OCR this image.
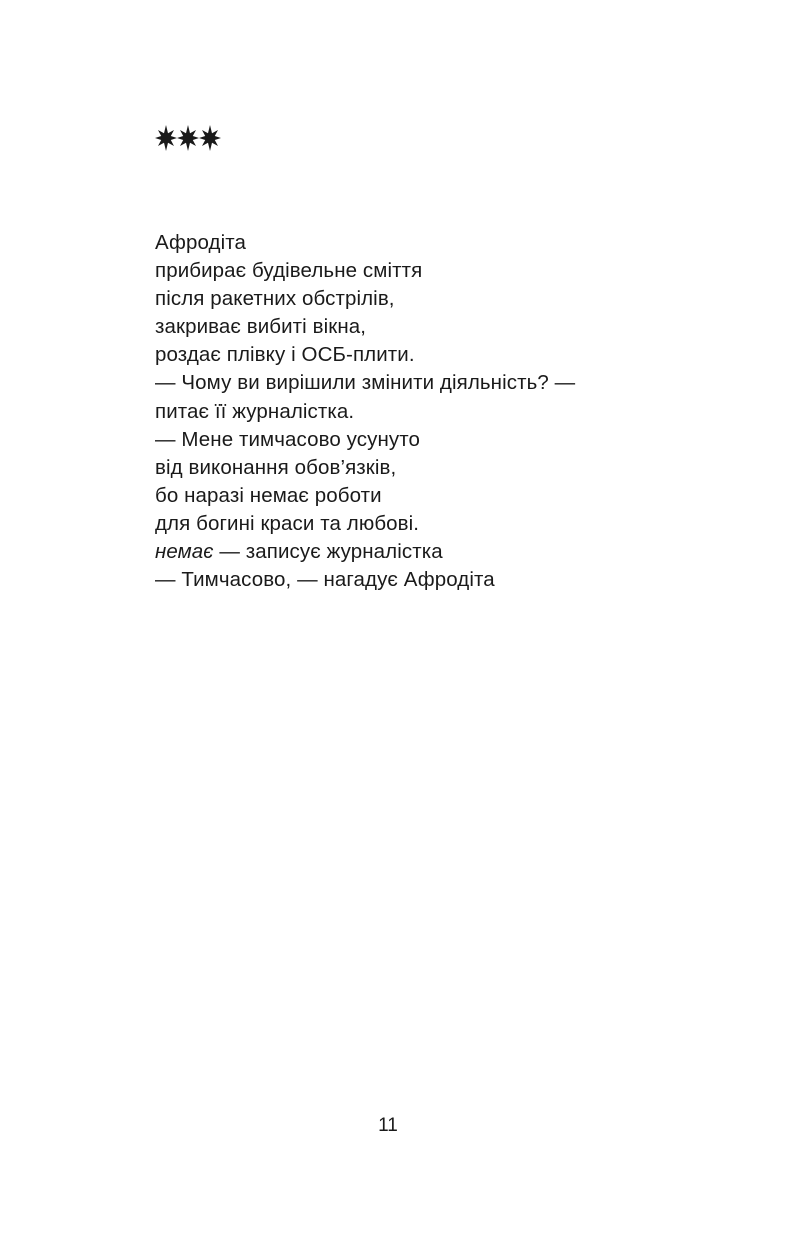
Афродіта
прибирає будівельне сміття
після ракетних обстрілів,
закриває вибиті вікна,
роздає плівку і ОСБ-плити.
— Чому ви вирішили змінити діяльність? —
питає її журналістка.
— Мене тимчасово усунуто
від виконання обов’язків,
бо наразі немає роботи
для богині краси та любові.
немає — записує журналістка
— Тимчасово, — нагадує Афродіта
11
